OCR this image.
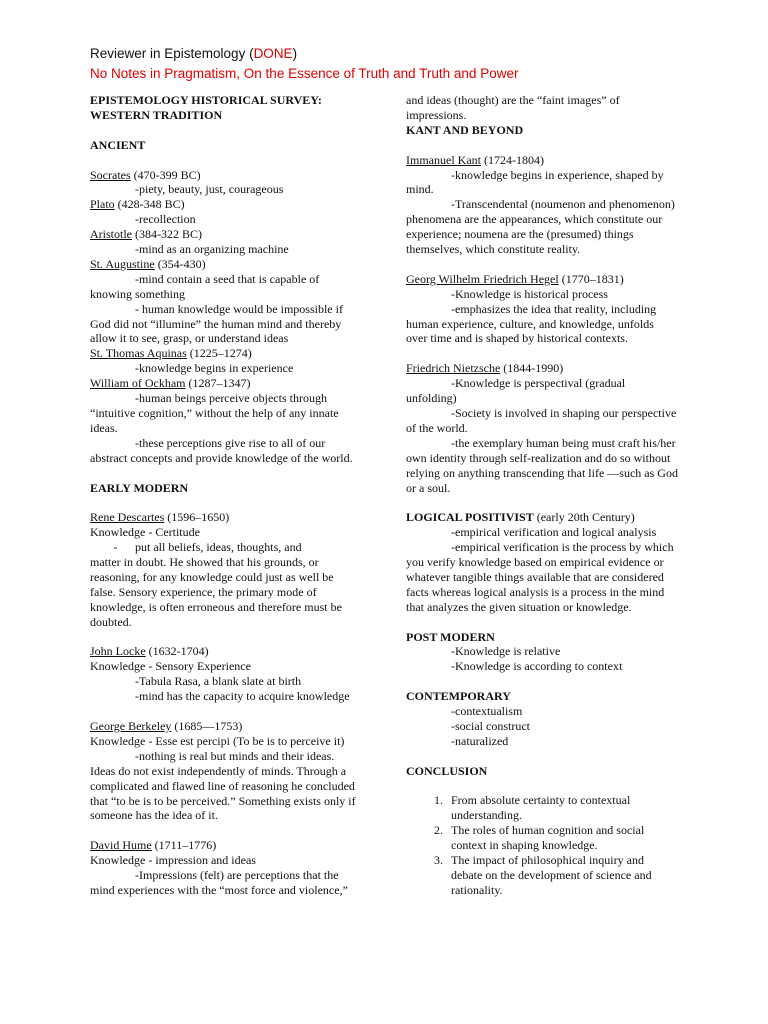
Reviewer in Epistemology (DONE)
No Notes in Pragmatism, On the Essence of Truth and Truth and Power
EPISTEMOLOGY HISTORICAL SURVEY:
WESTERN TRADITION
ANCIENT
Socrates (470-399 BC)
-piety, beauty, just, courageous
Plato (428-348 BC)
-recollection
Aristotle (384-322 BC)
-mind as an organizing machine
St. Augustine (354-430)
-mind contain a seed that is capable of knowing something
- human knowledge would be impossible if God did not “illumine” the human mind and thereby allow it to see, grasp, or understand ideas
St. Thomas Aquinas (1225–1274)
-knowledge begins in experience
William of Ockham (1287–1347)
-human beings perceive objects through “intuitive cognition,” without the help of any innate ideas.
-these perceptions give rise to all of our abstract concepts and provide knowledge of the world.
EARLY MODERN
Rene Descartes (1596–1650)
Knowledge - Certitude
-	put all beliefs, ideas, thoughts, and
matter in doubt. He showed that his grounds, or reasoning, for any knowledge could just as well be false. Sensory experience, the primary mode of knowledge, is often erroneous and therefore must be doubted.
John Locke (1632-1704)
Knowledge - Sensory Experience
-Tabula Rasa, a blank slate at birth
-mind has the capacity to acquire knowledge
George Berkeley (1685—1753)
Knowledge - Esse est percipi (To be is to perceive it)
-nothing is real but minds and their ideas. Ideas do not exist independently of minds. Through a complicated and flawed line of reasoning he concluded that “to be is to be perceived.” Something exists only if someone has the idea of it.
David Hume (1711–1776)
Knowledge - impression and ideas
-Impressions (felt) are perceptions that the mind experiences with the “most force and violence,”
and ideas (thought) are the “faint images” of impressions.
KANT AND BEYOND
Immanuel Kant (1724-1804)
-knowledge begins in experience, shaped by mind.
-Transcendental (noumenon and phenomenon) phenomena are the appearances, which constitute our experience; noumena are the (presumed) things themselves, which constitute reality.
Georg Wilhelm Friedrich Hegel (1770–1831)
-Knowledge is historical process
-emphasizes the idea that reality, including human experience, culture, and knowledge, unfolds over time and is shaped by historical contexts.
Friedrich Nietzsche (1844-1990)
-Knowledge is perspectival (gradual unfolding)
-Society is involved in shaping our perspective of the world.
-the exemplary human being must craft his/her own identity through self-realization and do so without relying on anything transcending that life —such as God or a soul.
LOGICAL POSITIVIST (early 20th Century)
-empirical verification and logical analysis
-empirical verification is the process by which you verify knowledge based on empirical evidence or whatever tangible things available that are considered facts whereas logical analysis is a process in the mind that analyzes the given situation or knowledge.
POST MODERN
-Knowledge is relative
-Knowledge is according to context
CONTEMPORARY
-contextualism
-social construct
-naturalized
CONCLUSION
1. From absolute certainty to contextual understanding.
2. The roles of human cognition and social context in shaping knowledge.
3. The impact of philosophical inquiry and debate on the development of science and rationality.
